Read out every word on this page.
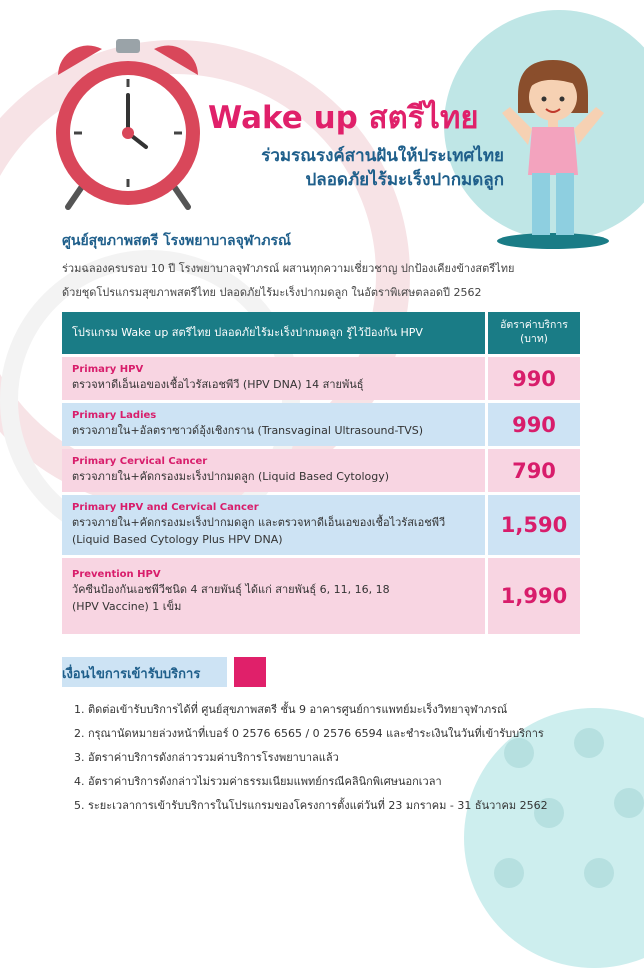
Wake up สตรีไทย
ร่วมรณรงค์สานฝันให้ประเทศไทย
ปลอดภัยไร้มะเร็งปากมดลูก
ศูนย์สุขภาพสตรี โรงพยาบาลจุฬาภรณ์
ร่วมฉลองครบรอบ 10 ปี โรงพยาบาลจุฬาภรณ์ ผสานทุกความเชี่ยวชาญ ปกป้องเคียงข้างสตรีไทย
ด้วยชุดโปรแกรมสุขภาพสตรีไทย ปลอดภัยไร้มะเร็งปากมดลูก ในอัตราพิเศษตลอดปี 2562
โปรแกรม Wake up สตรีไทย ปลอดภัยไร้มะเร็งปากมดลูก รู้ไว้ป้องกัน HPV
อัตราค่าบริการ
(บาท)
Primary HPV
ตรวจหาดีเอ็นเอของเชื้อไวรัสเอชพีวี (HPV DNA) 14 สายพันธุ์	990
Primary Ladies
ตรวจภายใน+อัลตราซาวด์อุ้งเชิงกราน (Transvaginal Ultrasound-TVS)	990
Primary Cervical Cancer
ตรวจภายใน+คัดกรองมะเร็งปากมดลูก (Liquid Based Cytology)	790
Primary HPV and Cervical Cancer
ตรวจภายใน+คัดกรองมะเร็งปากมดลูก และตรวจหาดีเอ็นเอของเชื้อไวรัสเอชพีวี
(Liquid Based Cytology Plus HPV DNA)
1,590
Prevention HPV
วัคซีนป้องกันเอชพีวีชนิด 4 สายพันธุ์ ได้แก่ สายพันธุ์ 6, 11, 16, 18
(HPV Vaccine) 1 เข็ม	1,990
เงื่อนไขการเข้ารับบริการ
1. ติดต่อเข้ารับบริการได้ที่ ศูนย์สุขภาพสตรี ชั้น 9 อาคารศูนย์การแพทย์มะเร็งวิทยาจุฬาภรณ์
2. กรุณานัดหมายล่วงหน้าที่เบอร์ 0 2576 6565 / 0 2576 6594 และชำระเงินในวันที่เข้ารับบริการ
3. อัตราค่าบริการดังกล่าวรวมค่าบริการโรงพยาบาลแล้ว
4. อัตราค่าบริการดังกล่าวไม่รวมค่าธรรมเนียมแพทย์กรณีคลินิกพิเศษนอกเวลา
5. ระยะเวลาการเข้ารับบริการในโปรแกรมของโครงการตั้งแต่วันที่ 23 มกราคม - 31 ธันวาคม 2562
